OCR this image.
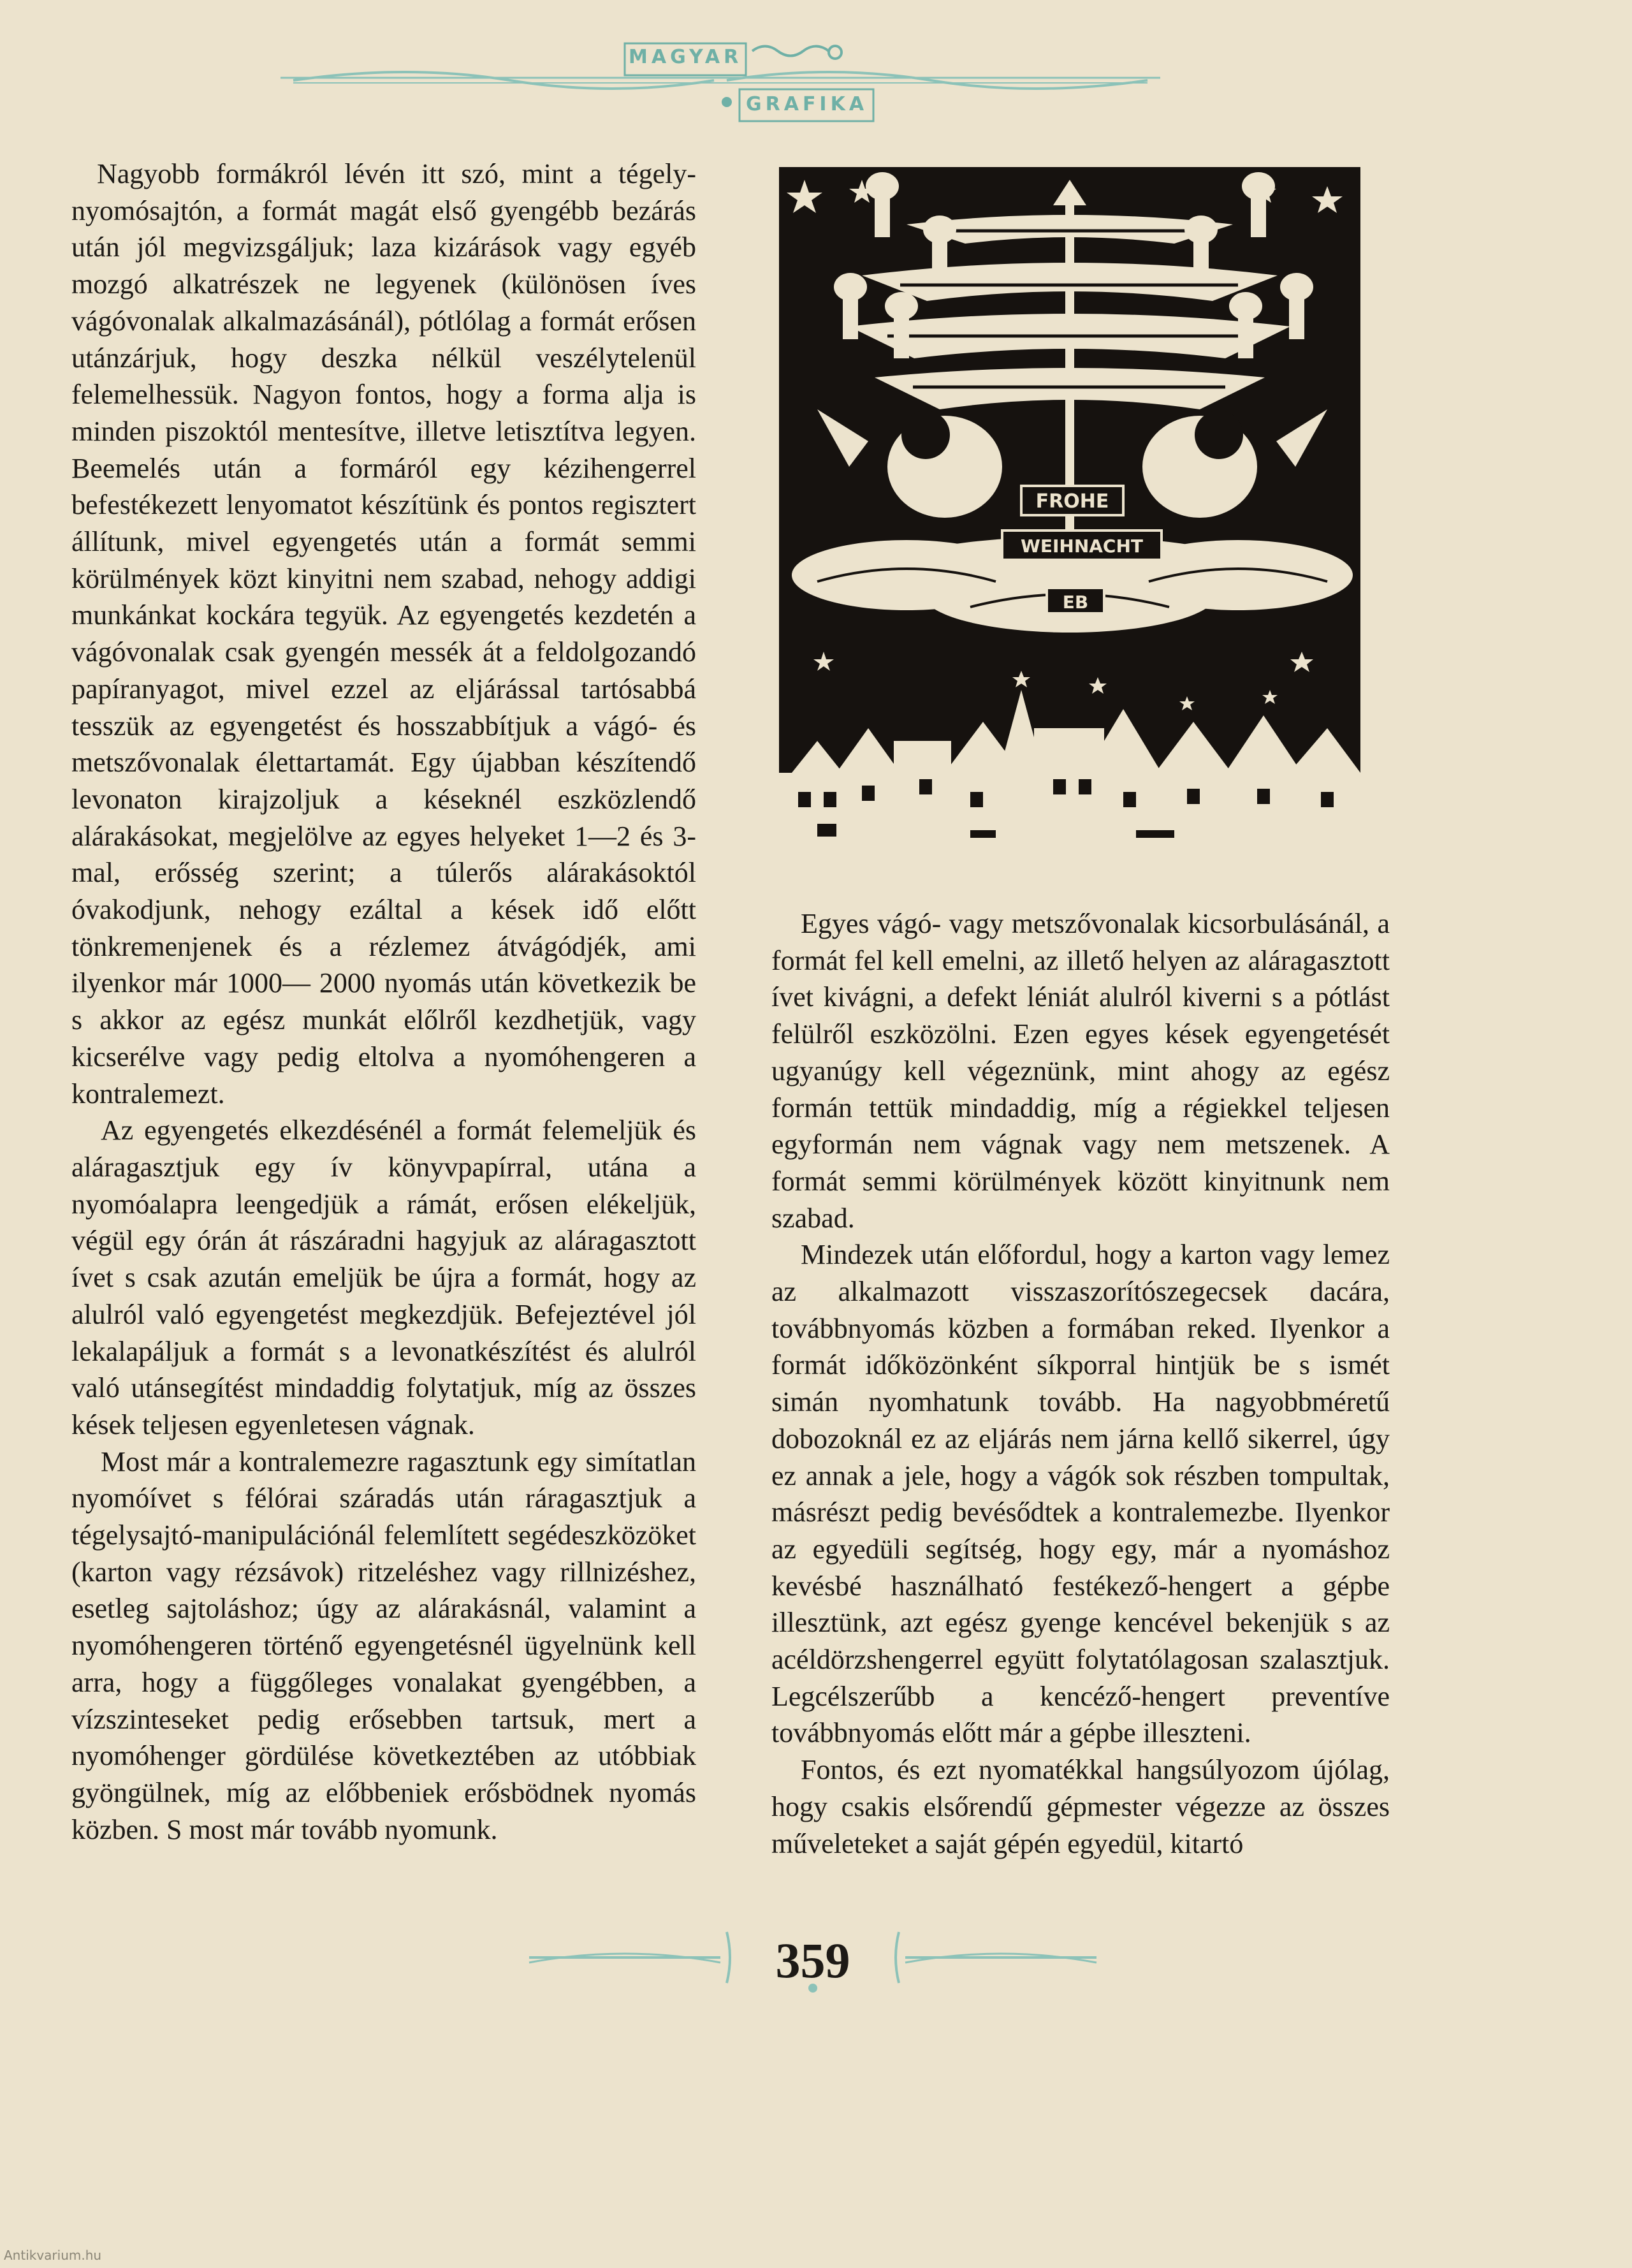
MAGYAR
GRAFIKA

Nagyobb formákról lévén itt szó, mint a tégelynyomósajtón, a formát magát első gyengébb bezárás után jól megvizsgáljuk; laza kizárások vagy egyéb mozgó alkatrészek ne legyenek (különösen íves vágóvonalak alkalmazásánál), pótlólag a formát erősen utánzárjuk, hogy deszka nélkül veszélytelenül felemelhessük. Nagyon fontos, hogy a forma alja is minden piszoktól mentesítve, illetve letisztítva legyen. Beemelés után a formáról egy kézihengerrel befestékezett lenyomatot készítünk és pontos regisztert állítunk, mivel egyengetés után a formát semmi körülmények közt kinyitni nem szabad, nehogy addigi munkánkat kockára tegyük. Az egyengetés kezdetén a vágóvonalak csak gyengén messék át a feldolgozandó papíranyagot, mivel ezzel az eljárással tartósabbá tesszük az egyengetést és hosszabbítjuk a vágó- és metszővonalak élettartamát. Egy újabban készítendő levonaton kirajzoljuk a késeknél eszközlendő alárakásokat, megjelölve az egyes helyeket 1—2 és 3-mal, erősség szerint; a túlerős alárakásoktól óvakodjunk, nehogy ezáltal a kések idő előtt tönkremenjenek és a rézlemez átvágódjék, ami ilyenkor már 1000— 2000 nyomás után következik be s akkor az egész munkát előlről kezdhetjük, vagy kicserélve vagy pedig eltolva a nyomóhengeren a kontralemezt.

Az egyengetés elkezdésénél a formát felemeljük és aláragasztjuk egy ív könyvpapírral, utána a nyomóalapra leengedjük a rámát, erősen elékeljük, végül egy órán át rászáradni hagyjuk az aláragasztott ívet s csak azután emeljük be újra a formát, hogy az alulról való egyengetést megkezdjük. Befejeztével jól lekalapáljuk a formát s a levonatkészítést és alulról való utánsegítést mindaddig folytatjuk, míg az összes kések teljesen egyenletesen vágnak.

Most már a kontralemezre ragasztunk egy simítatlan nyomóívet s félórai száradás után ráragasztjuk a tégelysajtó-manipulációnál felemlített segédeszközöket (karton vagy rézsávok) ritzeléshez vagy rillnizéshez, esetleg sajtoláshoz; úgy az alárakásnál, valamint a nyomóhengeren történő egyengetésnél ügyelnünk kell arra, hogy a függőleges vonalakat gyengébben, a vízszinteseket pedig erősebben tartsuk, mert a nyomóhenger gördülése következtében az utóbbiak gyöngülnek, míg az előbbeniek erősbödnek nyomás közben. S most már tovább nyomunk.

FROHE
WEIHNACHT
EB

Egyes vágó- vagy metszővonalak kicsorbulásánál, a formát fel kell emelni, az illető helyen az aláragasztott ívet kivágni, a defekt léniát alulról kiverni s a pótlást felülről eszközölni. Ezen egyes kések egyengetését ugyanúgy kell végeznünk, mint ahogy az egész formán tettük mindaddig, míg a régiekkel teljesen egyformán nem vágnak vagy nem metszenek. A formát semmi körülmények között kinyitnunk nem szabad.

Mindezek után előfordul, hogy a karton vagy lemez az alkalmazott visszaszorítószegecsek dacára, továbbnyomás közben a formában reked. Ilyenkor a formát időközönként síkporral hintjük be s ismét simán nyomhatunk tovább. Ha nagyobbméretű dobozoknál ez az eljárás nem járna kellő sikerrel, úgy ez annak a jele, hogy a vágók sok részben tompultak, másrészt pedig bevésődtek a kontralemezbe. Ilyenkor az egyedüli segítség, hogy egy, már a nyomáshoz kevésbé használható festékező-hengert a gépbe illesztünk, azt egész gyenge kencével bekenjük s az acéldörzshengerrel együtt folytatólagosan szalasztjuk. Legcélszerűbb a kencéző-hengert preventíve továbbnyomás előtt már a gépbe illeszteni.

Fontos, és ezt nyomatékkal hangsúlyozom újólag, hogy csakis elsőrendű gépmester végezze az összes műveleteket a saját gépén egyedül, kitartó

359
Antikvarium.hu
